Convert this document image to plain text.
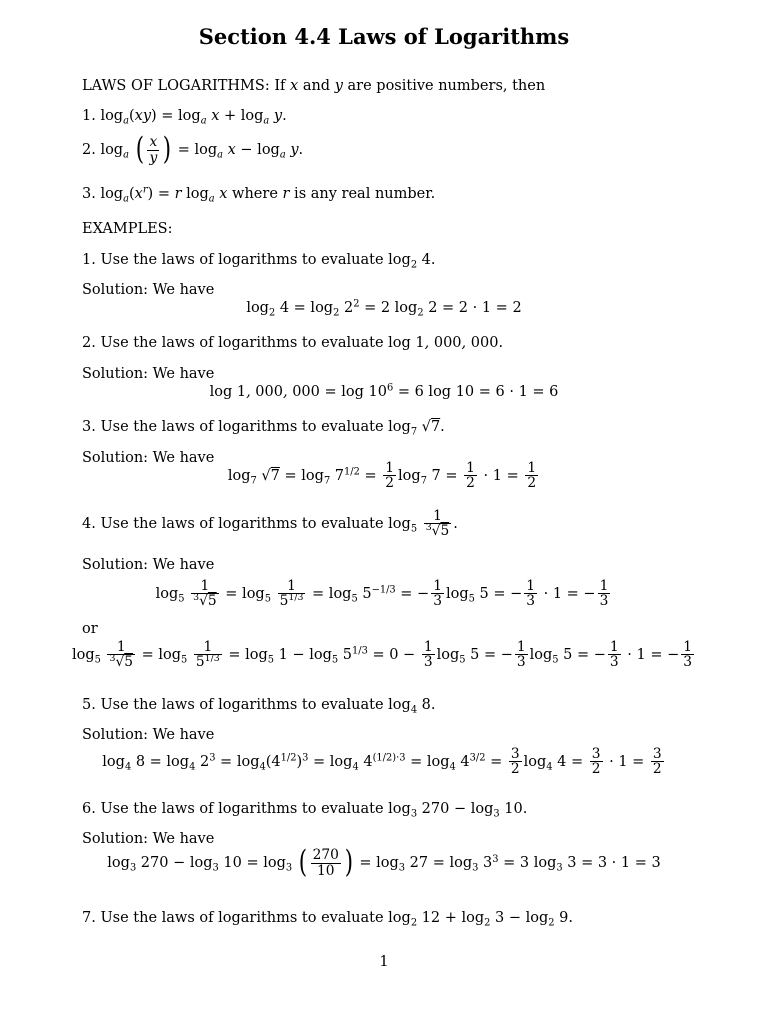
Section 4.4 Laws of Logarithms
LAWS OF LOGARITHMS: If x and y are positive numbers, then
1. $\log_a(xy) = \log_a x + \log_a y$.
2. $\log_a$ ( $\frac{x}{y}$ ) = $\log_a x - \log_a y$.
3. $\log_a(x^r) = r$ $\log_a x$ where r is any real number.
EXAMPLES:
1. Use the laws of logarithms to evaluate $\log_2 4$.
Solution: We have
$\log_2 4 = \log_2 2^2 = 2$ $\log_2 2 = 2 \cdot 1 = 2$
2. Use the laws of logarithms to evaluate log 1, 000, 000.
Solution: We have
log 1, 000, $000 = \log 10^6 = 6$ log 10 = 6 · 1 = 6
3. Use the laws of logarithms to evaluate $\log_7 √7$.
Solution: We have
$\log_7 √7 = \log_7 7^{1/2} = \frac{1}{2} \log_7 7 = \frac{1}{2} \cdot 1 = \frac{1}{2}$
4. Use the laws of logarithms to evaluate $\log_5 \frac{1}{^3√5}$ .
Solution: We have
$\log_5 \frac{1}{^3√5} = \log_5 \frac{1}{5^{1/3}} = \log_5 5^{-1/3}$ = − $\frac{1}{3} \log_5 5$ = − $\frac{1}{3} \cdot 1$ = − $\frac{1}{3}$
or
$\log_5 \frac{1}{^3√5} = \log_5 \frac{1}{5^{1/3}} = \log_5 1 - \log_5 5^{1/3} = 0 - \frac{1}{3} \log_5 5$ = − $\frac{1}{3} \log_5 5$ = − $\frac{1}{3} \cdot 1$ = − $\frac{1}{3}$
5. Use the laws of logarithms to evaluate $\log_4 8$.
Solution: We have
$\log_4 8 = \log_4 2^3 = \log_4(4^{1/2})^3 = \log_4 4^{(1/2)\cdot 3} = \log_4 4^{3/2} = \frac{3}{2} \log_4 4 = \frac{3}{2} \cdot 1 = \frac{3}{2}$
6. Use the laws of logarithms to evaluate $\log_3 270 - \log_3 10$.
Solution: We have
$\log_3 270 - \log_3 10 = \log_3$ ( $\frac{270}{10}$ ) = $\log_3 27 = \log_3 3^3 = 3$ $\log_3 3 = 3 \cdot 1 = 3$
7. Use the laws of logarithms to evaluate $\log_2 12 + \log_2 3 - \log_2 9$.
1
